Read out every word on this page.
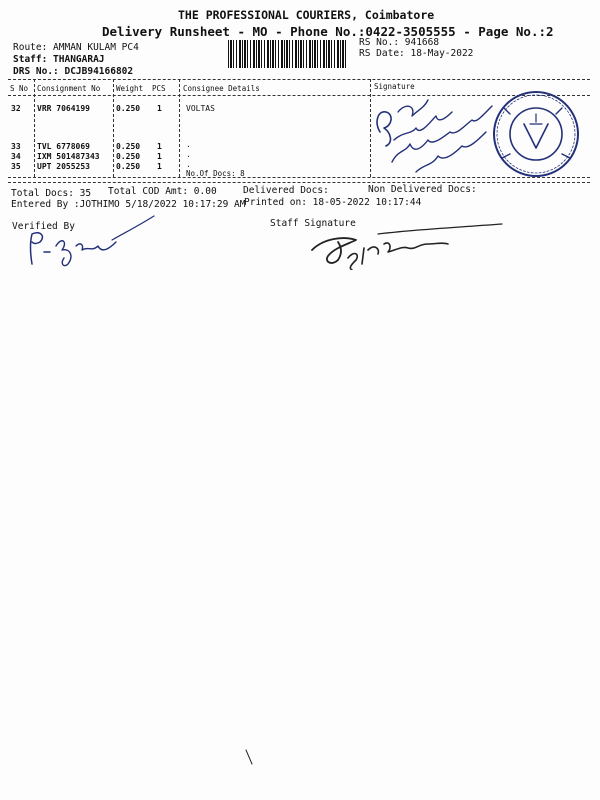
THE PROFESSIONAL COURIERS, Coimbatore
Delivery Runsheet - MO - Phone No.:0422-3505555 - Page No.:2
Route: AMMAN KULAM PC4
Staff: THANGARAJ
DRS No.: DCJB94166802
RS No.: 941668
RS Date: 18-May-2022
S No Consignment No Weight PCS Consignee Details	Signature
32 VRR 7064199	0.250 1	VOLTAS
33 TVL 6778069	0.250 1	.
34 IXM 501487343 0.250 1	.
35 UPT 2055253	0.250 1	.
No.Of Docs: 8
Total Docs: 35 Total COD Amt: 0.00	Delivered Docs:	Non Delivered Docs:
Entered By :JOTHIMO 5/18/2022 10:17:29 AM
Printed on: 18-05-2022 10:17:44
Verified By	Staff Signature
